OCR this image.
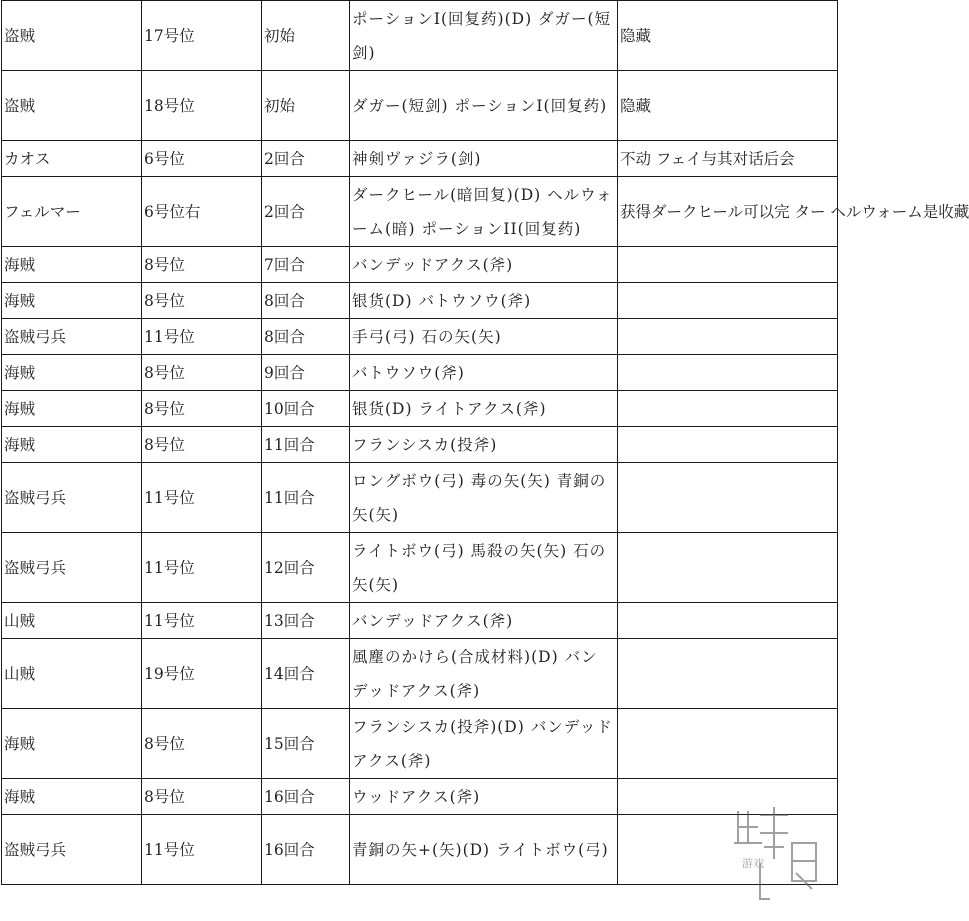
盗贼	17号位	初始	ポーションI(回复药)(D) ダガー(短剑)	隐藏
盗贼	18号位	初始	ダガー(短剑) ポーションI(回复药)	隐藏
カオス	6号位	2回合	神剣ヴァジラ(剑)	不动 フェイ与其对话后会
フェルマー	6号位右	2回合	ダークヒール(暗回复)(D) ヘルウォーム(暗) ポーションII(回复药)	获得ダークヒール可以完 ター ヘルウォーム是收藏
海贼	8号位	7回合	バンデッドアクス(斧)	
海贼	8号位	8回合	银货(D) バトウソウ(斧)	
盗贼弓兵	11号位	8回合	手弓(弓) 石の矢(矢)	
海贼	8号位	9回合	バトウソウ(斧)	
海贼	8号位	10回合	银货(D) ライトアクス(斧)	
海贼	8号位	11回合	フランシスカ(投斧)	
盗贼弓兵	11号位	11回合	ロングボウ(弓) 毒の矢(矢) 青銅の矢(矢)	
盗贼弓兵	11号位	12回合	ライトボウ(弓) 馬殺の矢(矢) 石の矢(矢)	
山贼	11号位	13回合	バンデッドアクス(斧)	
山贼	19号位	14回合	風塵のかけら(合成材料)(D) バンデッドアクス(斧)	
海贼	8号位	15回合	フランシスカ(投斧)(D) バンデッドアクス(斧)	
海贼	8号位	16回合	ウッドアクス(斧)	
盗贼弓兵	11号位	16回合	青銅の矢+(矢)(D) ライトボウ(弓)	
游戏
